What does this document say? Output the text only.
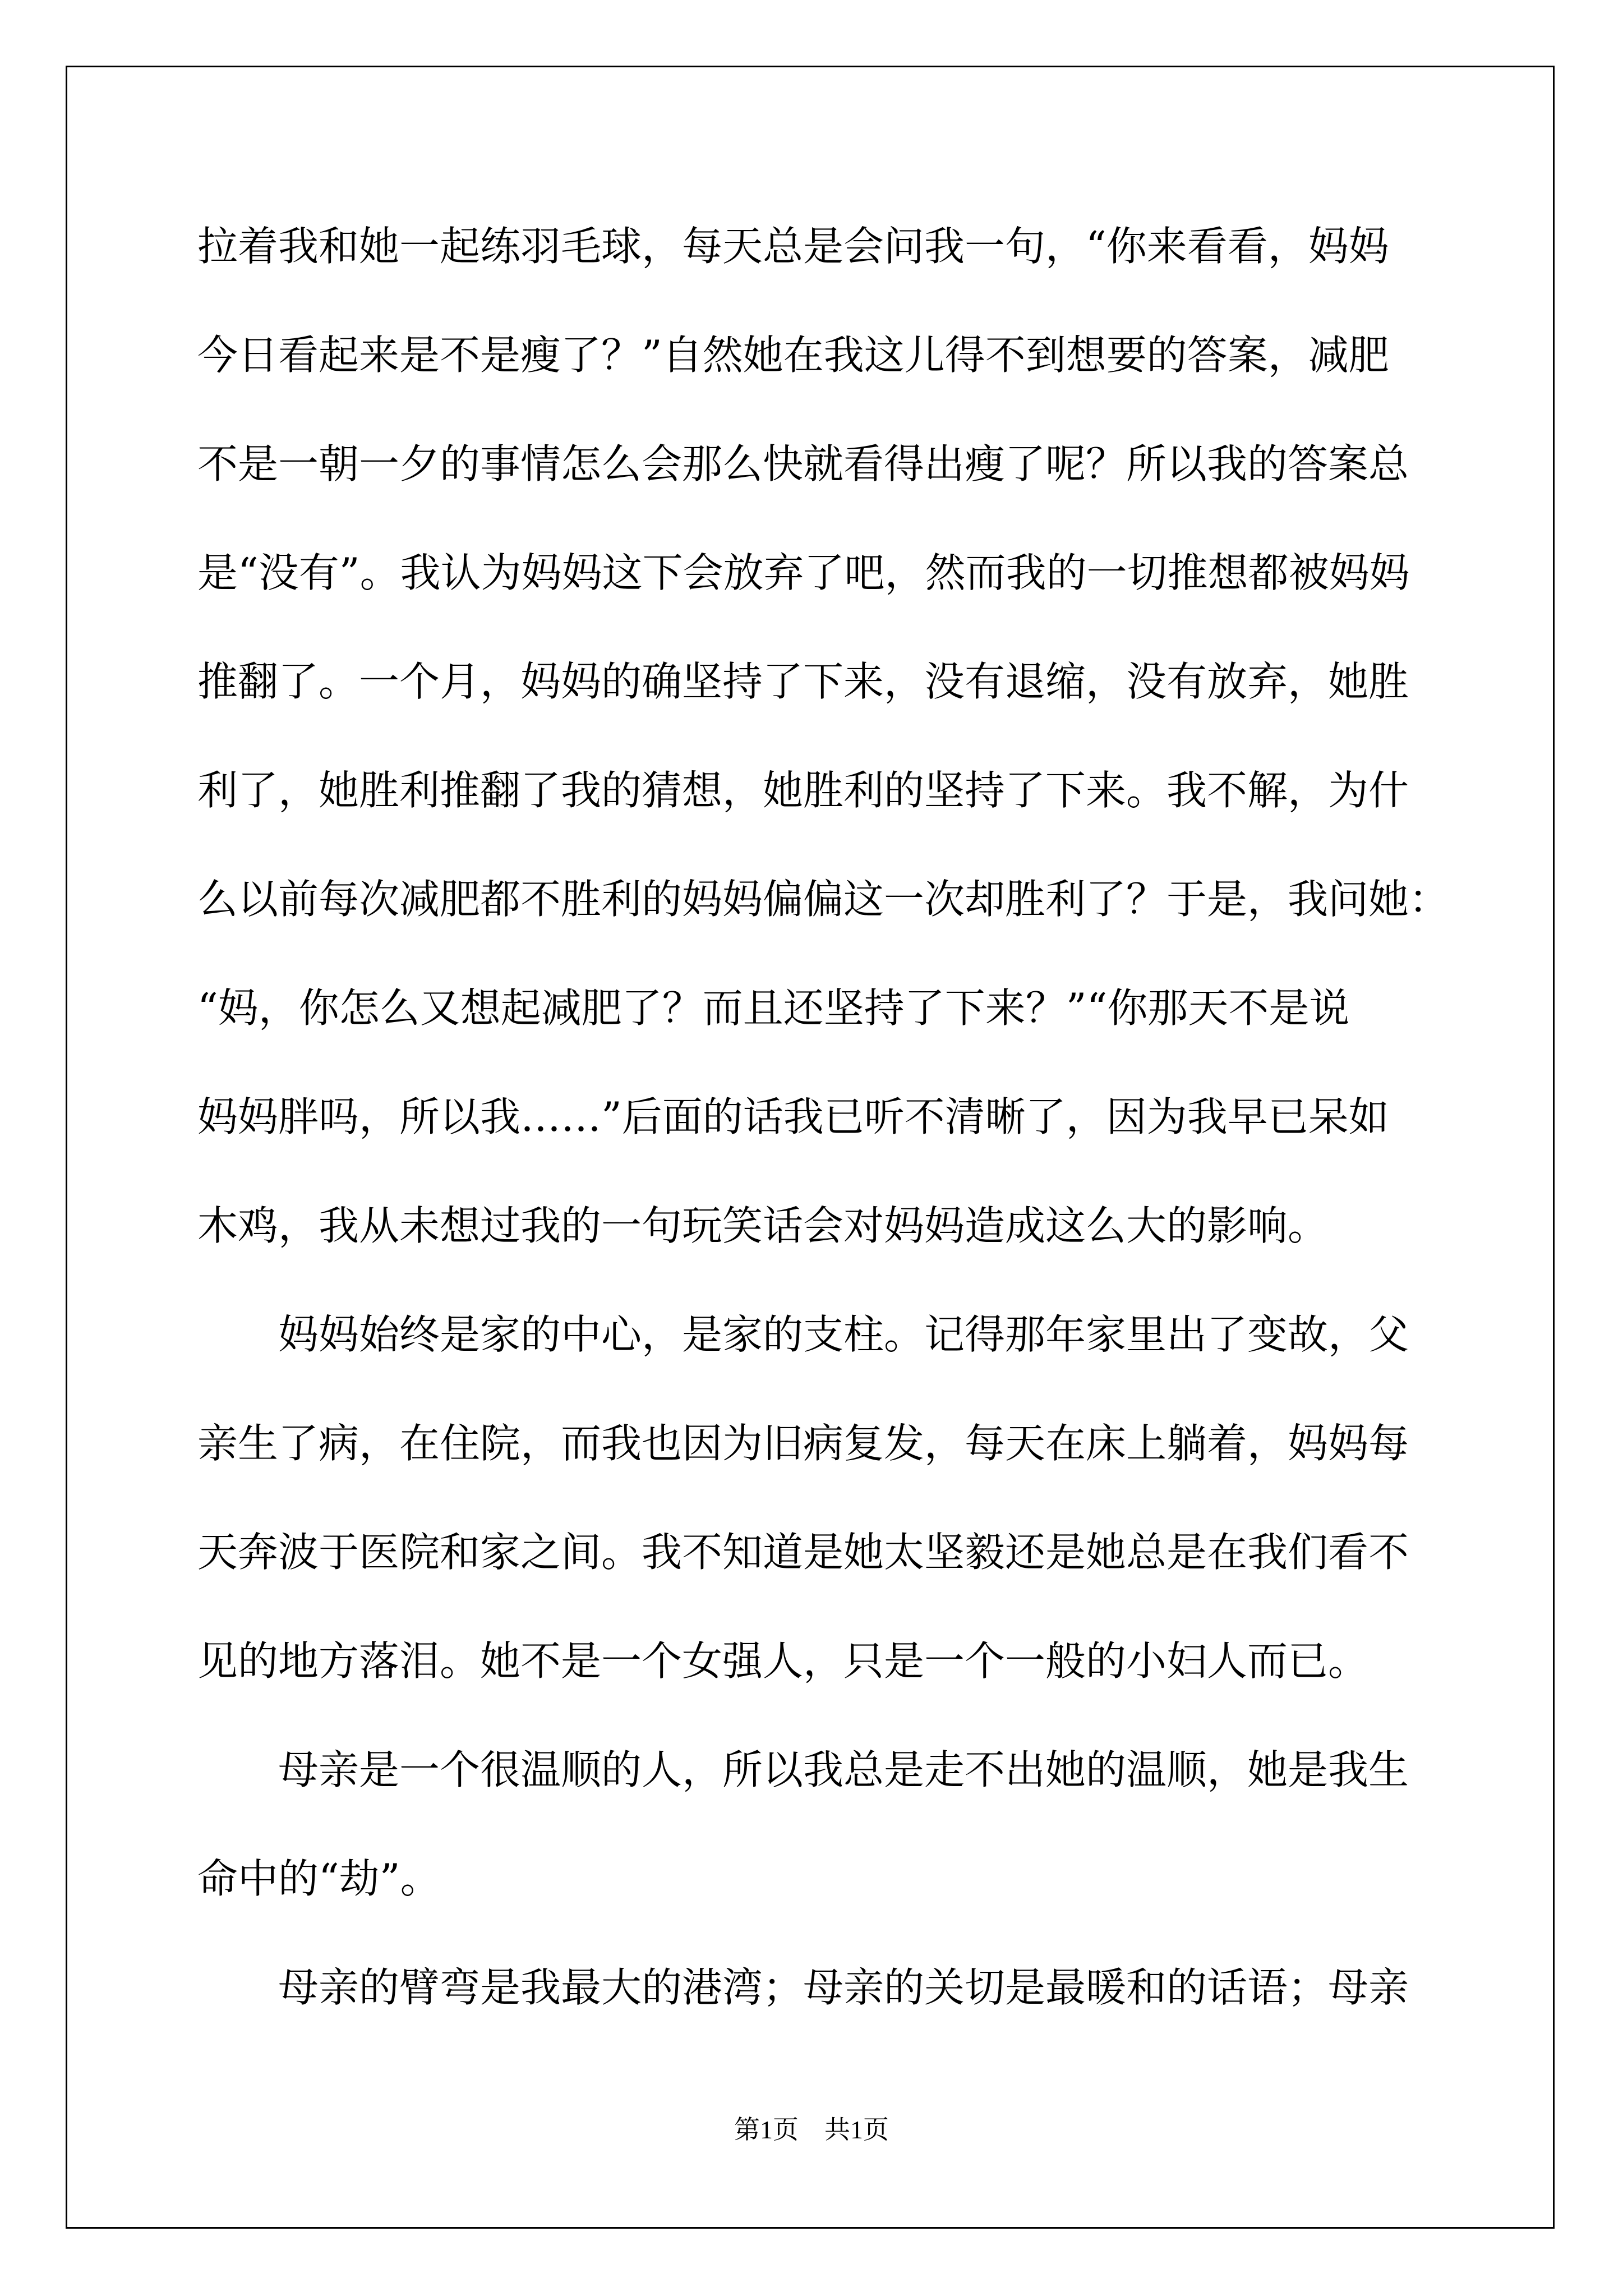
拉着我和她一起练羽毛球，每天总是会问我一句，“你来看看，妈妈
今日看起来是不是瘦了？”自然她在我这儿得不到想要的答案，减肥
不是一朝一夕的事情怎么会那么快就看得出瘦了呢？所以我的答案总
是“没有”。我认为妈妈这下会放弃了吧，然而我的一切推想都被妈妈
推翻了。一个月，妈妈的确坚持了下来，没有退缩，没有放弃，她胜
利了，她胜利推翻了我的猜想，她胜利的坚持了下来。我不解，为什
么以前每次减肥都不胜利的妈妈偏偏这一次却胜利了？于是，我问她：
“妈，你怎么又想起减肥了？而且还坚持了下来？”“你那天不是说
妈妈胖吗，所以我……”后面的话我已听不清晰了，因为我早已呆如
木鸡，我从未想过我的一句玩笑话会对妈妈造成这么大的影响。
　　妈妈始终是家的中心，是家的支柱。记得那年家里出了变故，父
亲生了病，在住院，而我也因为旧病复发，每天在床上躺着，妈妈每
天奔波于医院和家之间。我不知道是她太坚毅还是她总是在我们看不
见的地方落泪。她不是一个女强人，只是一个一般的小妇人而已。
　　母亲是一个很温顺的人，所以我总是走不出她的温顺，她是我生
命中的“劫”。
　　母亲的臂弯是我最大的港湾；母亲的关切是最暖和的话语；母亲
第1页　共1页
